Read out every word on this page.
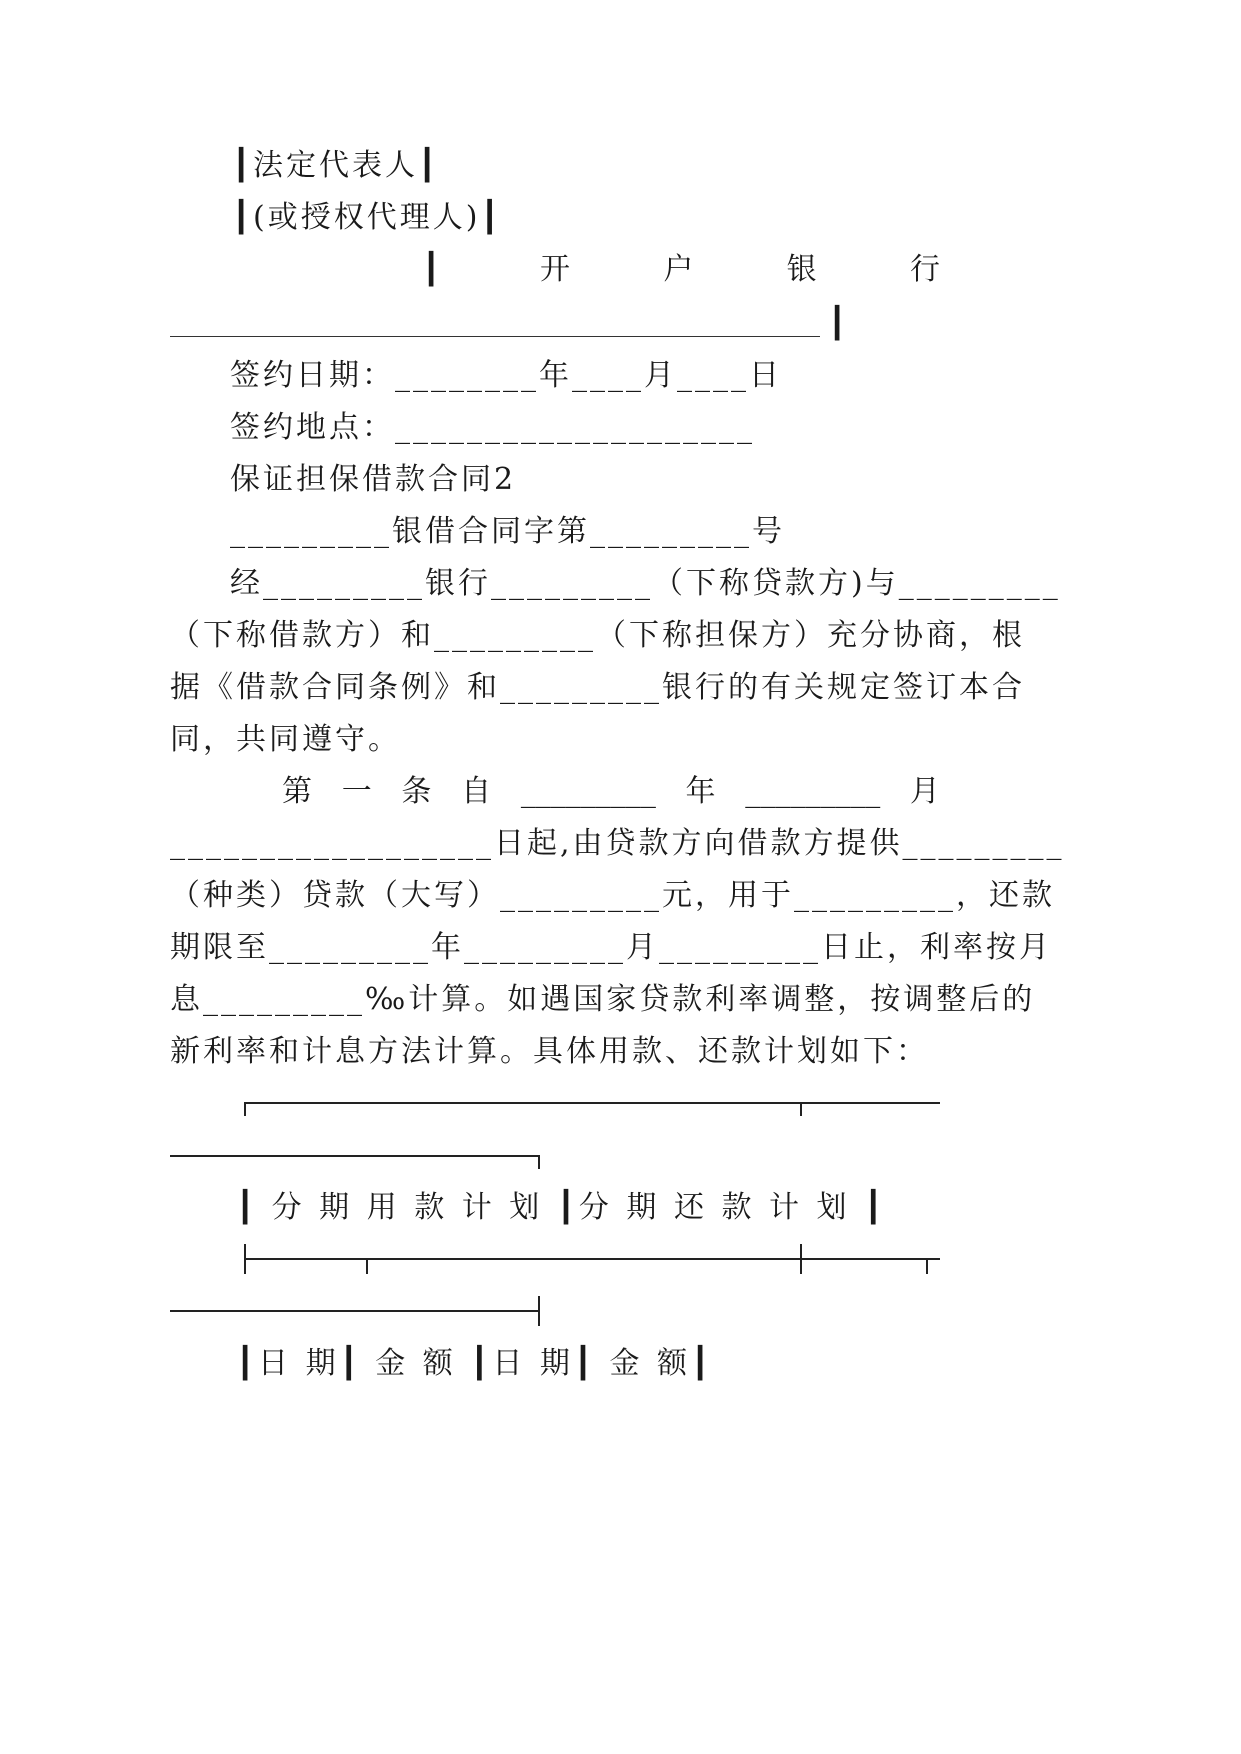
┃法定代表人┃
┃(或授权代理人)┃
┃	开	户	银	行
┃
签约日期：________年____月____日
签约地点：____________________
保证担保借款合同2
_________银借合同字第_________号
经_________银行_________（下称贷款方)与_________
（下称借款方）和_________（下称担保方）充分协商，根
据《借款合同条例》和_________银行的有关规定签订本合
同，共同遵守。
第 一 条 自 _________ 年 _________ 月
__________________日起,由贷款方向借款方提供_________
（种类）贷款（大写）_________元，用于_________，还款
期限至_________年_________月_________日止，利率按月
息_________‰计算。如遇国家贷款利率调整，按调整后的
新利率和计息方法计算。具体用款、还款计划如下：
┃ 分 期 用 款 计 划 ┃分 期 还 款 计 划 ┃
┃日 期┃ 金 额 ┃日 期┃ 金 额┃
